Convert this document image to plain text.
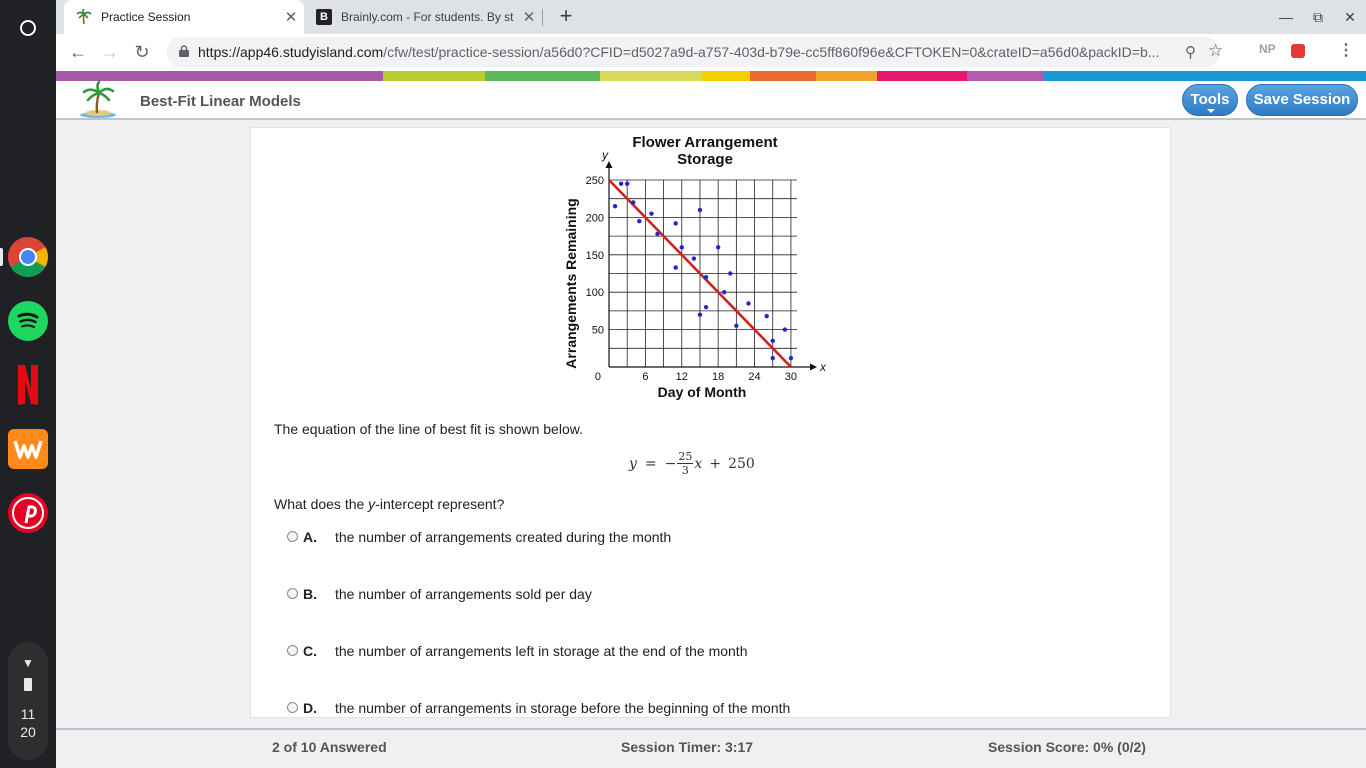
▼
11
20
Practice Session	✕	B	Brainly.com - For students. By st ✕	+	—	⧉	✕
← → ↻	https://app46.studyisland.com/cfw/test/practice-session/a56d0?CFID=d5027a9d-a757-403d-b79e-cc5ff860f96e&CFTOKEN=0&crateID=a56d0&packID=b...	⚲ ☆	NP	⋮
Best-Fit Linear Models	Tools	Save Session
x
y
6 12 18 24 30
50
100
150
200
250
0
Flower Arrangement
Storage
Day of Month
Arrangements Remaining
The equation of the line of best fit is shown below.
y = − $\frac{25}{3}$ x + 250
What does the y-intercept represent?
A.	the number of arrangements created during the month
B.	the number of arrangements sold per day
C.	the number of arrangements left in storage at the end of the month
D.	the number of arrangements in storage before the beginning of the month
2 of 10 Answered	Session Timer: 3:17	Session Score: 0% (0/2)
